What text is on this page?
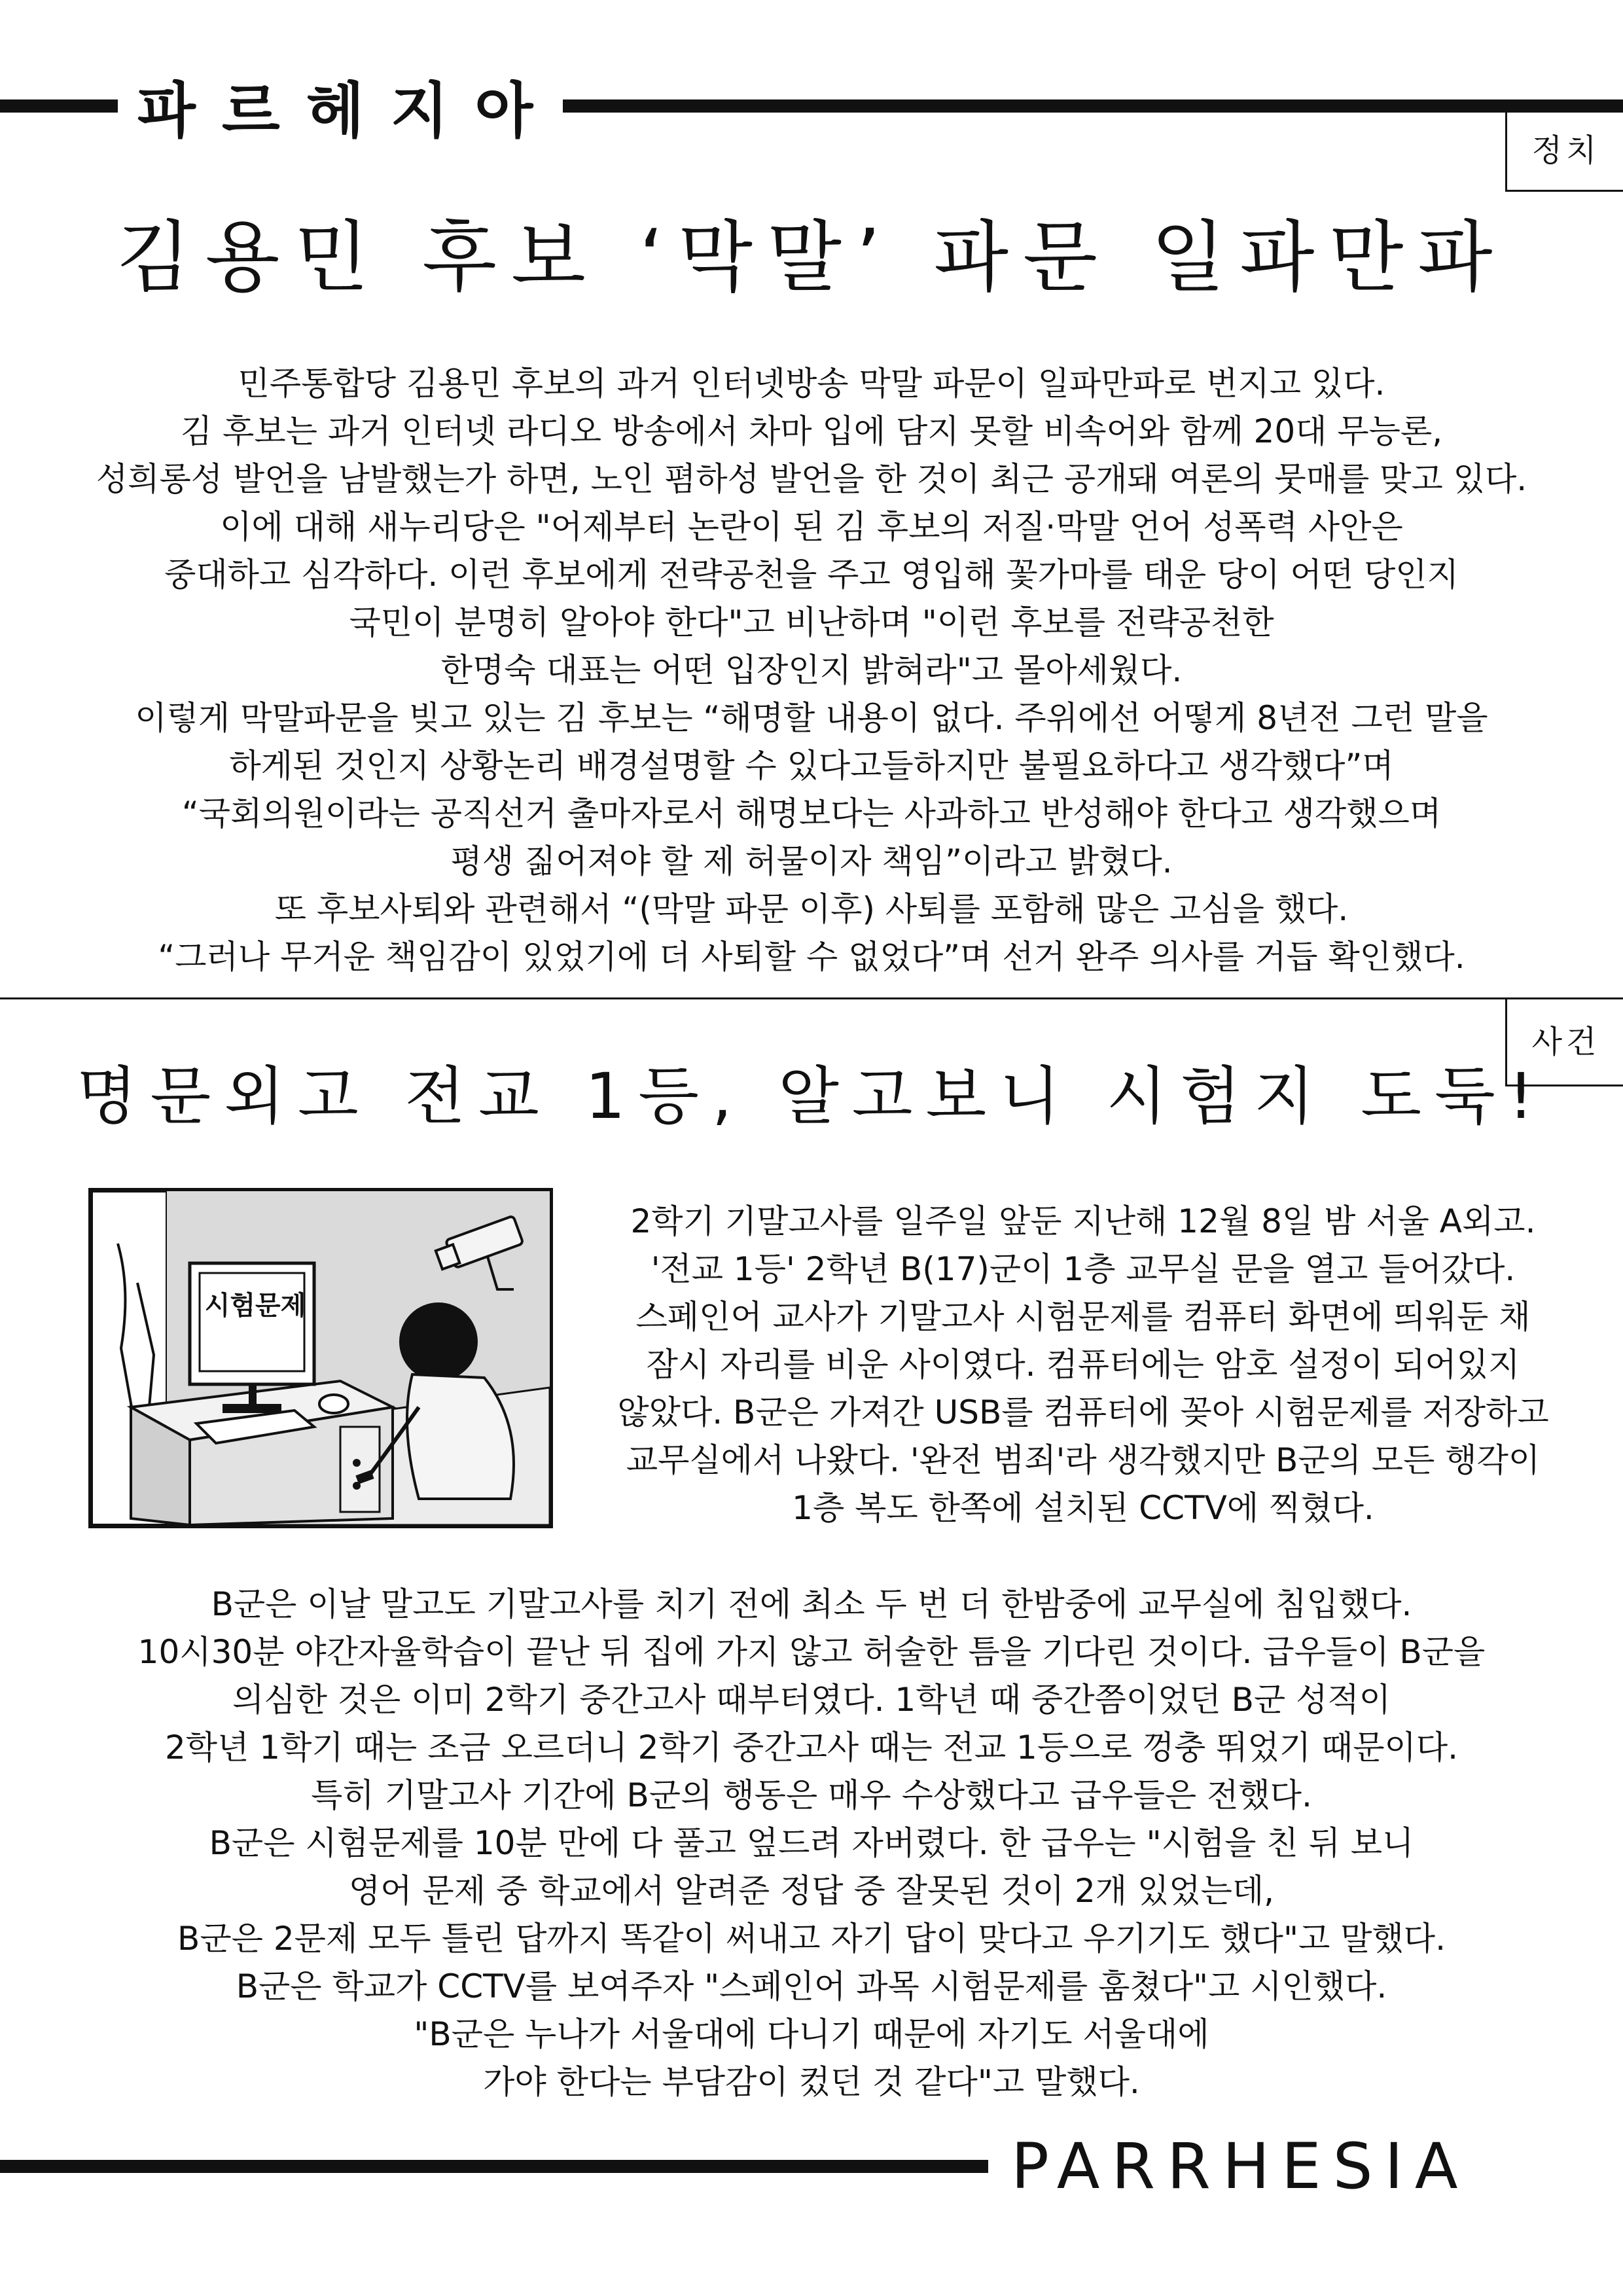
파르헤지아
정치
김용민 후보 ‘막말’ 파문 일파만파

민주통합당 김용민 후보의 과거 인터넷방송 막말 파문이 일파만파로 번지고 있다.

김 후보는 과거 인터넷 라디오 방송에서 차마 입에 담지 못할 비속어와 함께 20대 무능론,

성희롱성 발언을 남발했는가 하면, 노인 폄하성 발언을 한 것이 최근 공개돼 여론의 뭇매를 맞고 있다.

이에 대해 새누리당은 "어제부터 논란이 된 김 후보의 저질·막말 언어 성폭력 사안은

중대하고 심각하다. 이런 후보에게 전략공천을 주고 영입해 꽃가마를 태운 당이 어떤 당인지

국민이 분명히 알아야 한다"고 비난하며 "이런 후보를 전략공천한

한명숙 대표는 어떤 입장인지 밝혀라"고 몰아세웠다.

이렇게 막말파문을 빚고 있는 김 후보는 “해명할 내용이 없다. 주위에선 어떻게 8년전 그런 말을

하게된 것인지 상황논리 배경설명할 수 있다고들하지만 불필요하다고 생각했다”며

“국회의원이라는 공직선거 출마자로서 해명보다는 사과하고 반성해야 한다고 생각했으며

평생 짊어져야 할 제 허물이자 책임”이라고 밝혔다.

또 후보사퇴와 관련해서 “(막말 파문 이후) 사퇴를 포함해 많은 고심을 했다.

“그러나 무거운 책임감이 있었기에 더 사퇴할 수 없었다”며 선거 완주 의사를 거듭 확인했다.

사건
명문외고 전교 1등, 알고보니 시험지 도둑!
시험문제

2학기 기말고사를 일주일 앞둔 지난해 12월 8일 밤 서울 A외고.

'전교 1등' 2학년 B(17)군이 1층 교무실 문을 열고 들어갔다.

스페인어 교사가 기말고사 시험문제를 컴퓨터 화면에 띄워둔 채

잠시 자리를 비운 사이였다. 컴퓨터에는 암호 설정이 되어있지

않았다. B군은 가져간 USB를 컴퓨터에 꽂아 시험문제를 저장하고

교무실에서 나왔다. '완전 범죄'라 생각했지만 B군의 모든 행각이

1층 복도 한쪽에 설치된 CCTV에 찍혔다.

B군은 이날 말고도 기말고사를 치기 전에 최소 두 번 더 한밤중에 교무실에 침입했다.

10시30분 야간자율학습이 끝난 뒤 집에 가지 않고 허술한 틈을 기다린 것이다. 급우들이 B군을

의심한 것은 이미 2학기 중간고사 때부터였다. 1학년 때 중간쯤이었던 B군 성적이

2학년 1학기 때는 조금 오르더니 2학기 중간고사 때는 전교 1등으로 껑충 뛰었기 때문이다.

특히 기말고사 기간에 B군의 행동은 매우 수상했다고 급우들은 전했다.

B군은 시험문제를 10분 만에 다 풀고 엎드려 자버렸다. 한 급우는 "시험을 친 뒤 보니

영어 문제 중 학교에서 알려준 정답 중 잘못된 것이 2개 있었는데,

B군은 2문제 모두 틀린 답까지 똑같이 써내고 자기 답이 맞다고 우기기도 했다"고 말했다.

B군은 학교가 CCTV를 보여주자 "스페인어 과목 시험문제를 훔쳤다"고 시인했다.

"B군은 누나가 서울대에 다니기 때문에 자기도 서울대에

가야 한다는 부담감이 컸던 것 같다"고 말했다.

PARRHESIA
